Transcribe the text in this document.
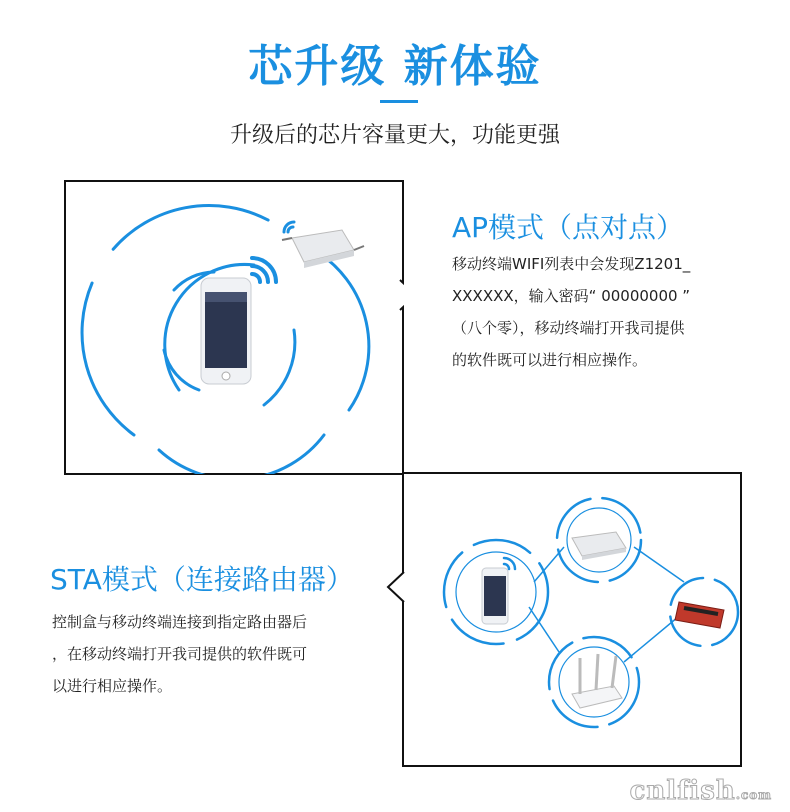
芯升级 新体验
升级后的芯片容量更大，功能更强
AP模式（点对点）
移动终端WIFI列表中会发现Z1201_
XXXXXX，输入密码“ 00000000 ”
（八个零），移动终端打开我司提供
的软件既可以进行相应操作。
STA模式（连接路由器）
控制盒与移动终端连接到指定路由器后
，在移动终端打开我司提供的软件既可
以进行相应操作。
cnlfish.com
